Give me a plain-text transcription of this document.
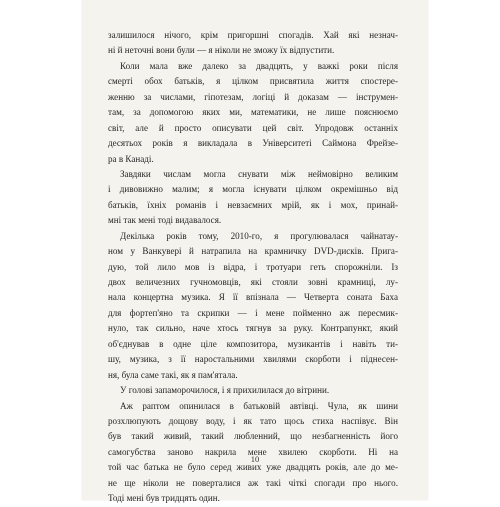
залишилося нічого, крім пригоршні спогадів. Хай які незнач-
ні й неточні вони були — я ніколи не зможу їх відпустити.
Коли мала вже далеко за двадцять, у важкі роки після
смерті обох батьків, я цілком присвятила життя спостере-
женню за числами, гіпотезам, логіці й доказам — інструмен-
там, за допомогою яких ми, математики, не лише пояснюємо
світ, але й просто описувати цей світ. Упродовж останніх
десятьох років я викладала в Університеті Саймона Фрейзе-
ра в Канаді.
Завдяки числам могла снувати між неймовірно великим
і дивовижно малим; я могла існувати цілком окремішньо від
батьків, їхніх романів і невзаємних мрій, як і мох, принай-
мні так мені тоді видавалося.
Декілька років тому, 2010-го, я прогулювалася чайнатау-
ном у Ванкувері й натрапила на крамничку DVD-дисків. Прига-
дую, той лило мов із відра, і тротуари геть спорожніли. Із
двох величезних гучномовців, які стояли зовні крамниці, лу-
нала концертна музика. Я її впізнала — Четверта соната Баха
для фортеп'яно та скрипки — і мене пойменно аж пересмик-
нуло, так сильно, наче хтось тягнув за руку. Контрапункт, який
об'єднував в одне ціле композитора, музикантів і навіть ти-
шу, музика, з її наростальними хвилями скорботи і піднесен-
ня, була саме такі, як я пам'ятала.
У голові запаморочилося, і я прихилилася до вітрини.
Аж раптом опинилася в батьковій автівці. Чула, як шини
розхлюпують дощову воду, і як тато щось стиха наспівує. Він
був такий живий, такий любленний, що незбагненність його
самогубства заново накрила мене хвилею скорботи. Ні на
той час батька не було серед живих уже двадцять років, але до ме-
не ще ніколи не поверталися аж такі чіткі спогади про нього.
Тоді мені був тридцять один.
10
